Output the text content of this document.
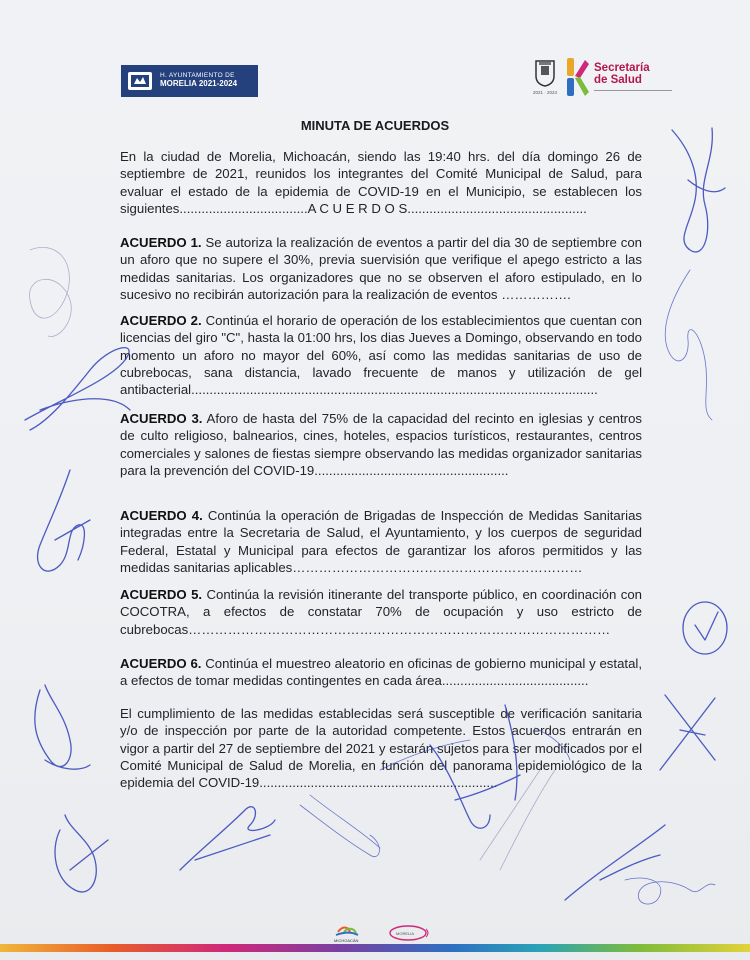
H. AYUNTAMIENTO DE
MORELIA 2021-2024
2021 · 2024
Secretaría
de Salud
MINUTA DE ACUERDOS

En la ciudad de Morelia, Michoacán, siendo las 19:40 hrs. del día domingo 26 de septiembre de 2021, reunidos los integrantes del Comité Municipal de Salud, para evaluar el estado de la epidemia de COVID-19 en el Municipio, se establecen los siguientes...................................A C U E R D O S.................................................

ACUERDO 1. Se autoriza la realización de eventos a partir del dia 30 de septiembre con un aforo que no supere el 30%, previa suervisión que verifique el apego estricto a las medidas sanitarias. Los organizadores que no se observen el aforo estipulado, en lo sucesivo no recibirán autorización para la realización de eventos …………….

ACUERDO 2. Continúa el horario de operación de los establecimientos que cuentan con licencias del giro "C", hasta la 01:00 hrs, los dias Jueves a Domingo, observando en todo momento un aforo no mayor del 60%, así como las medidas sanitarias de uso de cubrebocas, sana distancia, lavado frecuente de manos y utilización de gel antibacterial...............................................................................................................

ACUERDO 3. Aforo de hasta del 75% de la capacidad del recinto en iglesias y centros de culto religioso, balnearios, cines, hoteles, espacios turísticos, restaurantes, centros comerciales y salones de fiestas siempre observando las medidas organizador sanitarias para la prevención del COVID-19.....................................................

ACUERDO 4. Continúa la operación de Brigadas de Inspección de Medidas Sanitarias integradas entre la Secretaria de Salud, el Ayuntamiento, y los cuerpos de seguridad Federal, Estatal y Municipal para efectos de garantizar los aforos permitidos y las medidas sanitarias aplicables…………………………………………………………

ACUERDO 5. Continúa la revisión itinerante del transporte público, en coordinación con COCOTRA, a efectos de constatar 70% de ocupación y uso estricto de cubrebocas……………………………………………………………………………………

ACUERDO 6. Continúa el muestreo aleatorio en oficinas de gobierno municipal y estatal, a efectos de tomar medidas contingentes en cada área........................................

El cumplimiento de las medidas establecidas será susceptible de verificación sanitaria y/o de inspección por parte de la autoridad competente. Estos acuerdos entrarán en vigor a partir del 27 de septiembre del 2021 y estarán sujetos para ser modificados por el Comité Municipal de Salud de Morelia, en función del panorama epidemiológico de la epidemia del COVID-19.................................................................

MICHOACÁN
MORELIA
